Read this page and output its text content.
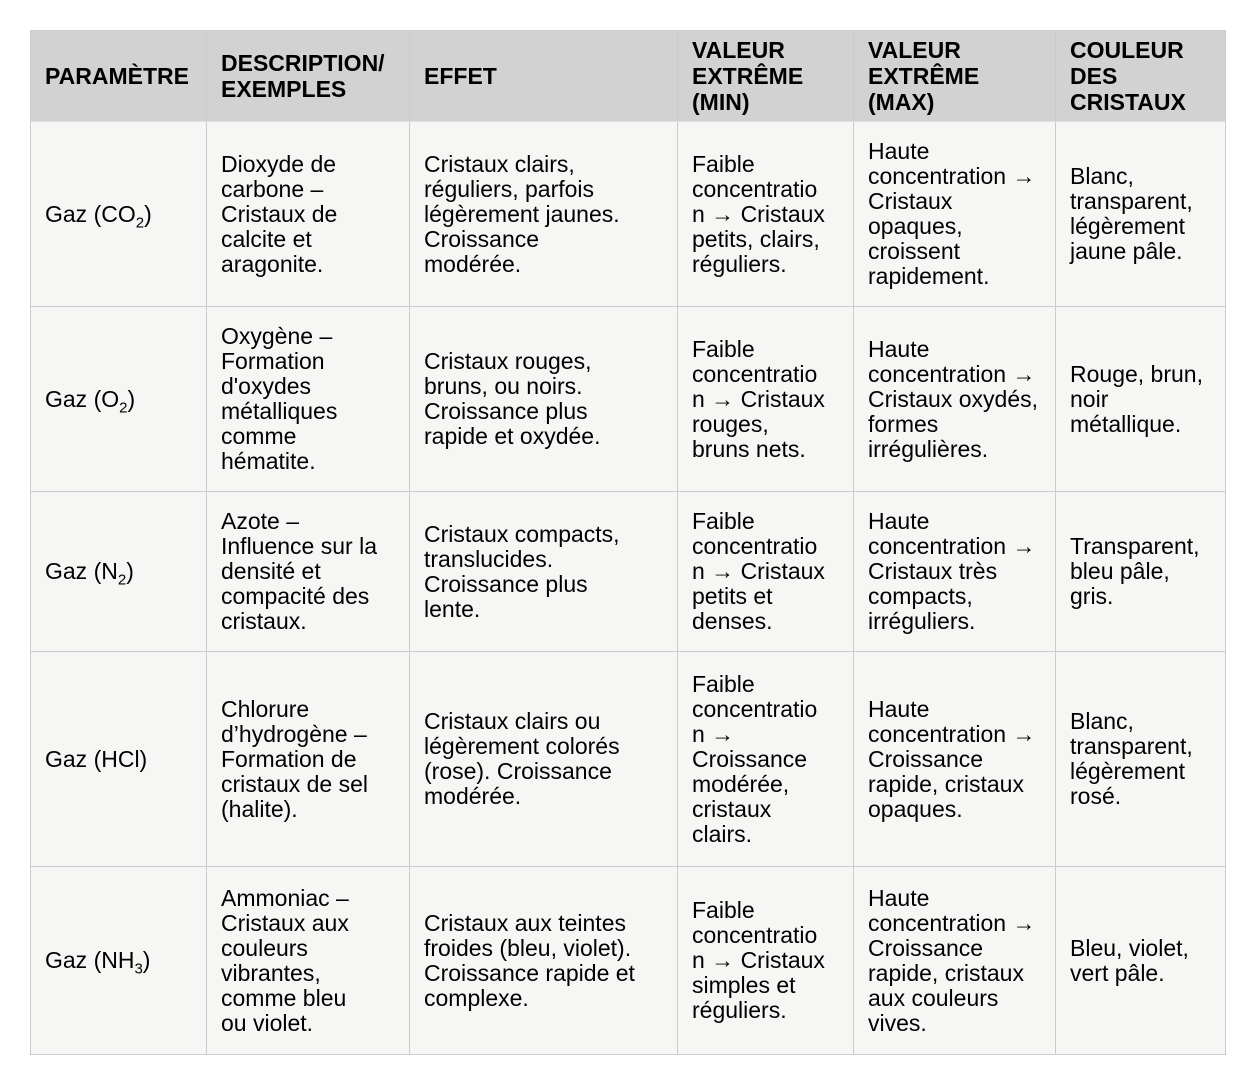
PARAMÈTRE	DESCRIPTION/​EXEMPLES	EFFET	VALEUR EXTRÊME (MIN)	VALEUR EXTRÊME (MAX)	COULEUR DES CRISTAUX
Gaz $(CO_2)$	Dioxyde de carbone – Cristaux de calcite et aragonite.	Cristaux clairs, réguliers, parfois légèrement jaunes. Croissance modérée.	Faible concentration → Cristaux petits, clairs, réguliers.	Haute concentration → Cristaux opaques, croissent rapidement.	Blanc, transparent, légèrement jaune pâle.
Gaz $(O_2)$	Oxygène – Formation d'oxydes métalliques comme hématite.	Cristaux rouges, bruns, ou noirs. Croissance plus rapide et oxydée.	Faible concentration → Cristaux rouges, bruns nets.	Haute concentration → Cristaux oxydés, formes irrégulières.	Rouge, brun, noir métallique.
Gaz $(N_2)$	Azote – Influence sur la densité et compacité des cristaux.	Cristaux compacts, translucides. Croissance plus lente.	Faible concentration → Cristaux petits et denses.	Haute concentration → Cristaux très compacts, irréguliers.	Transparent, bleu pâle, gris.
Gaz (HCl)	Chlorure d’hydrogène – Formation de cristaux de sel (halite).	Cristaux clairs ou légèrement colorés (rose). Croissance modérée.	Faible concentration → Croissance modérée, cristaux clairs.	Haute concentration → Croissance rapide, cristaux opaques.	Blanc, transparent, légèrement rosé.
Gaz $(NH_3)$	Ammoniac – Cristaux aux couleurs vibrantes, comme bleu ou violet.	Cristaux aux teintes froides (bleu, violet). Croissance rapide et complexe.	Faible concentration → Cristaux simples et réguliers.	Haute concentration → Croissance rapide, cristaux aux couleurs vives.	Bleu, violet, vert pâle.
